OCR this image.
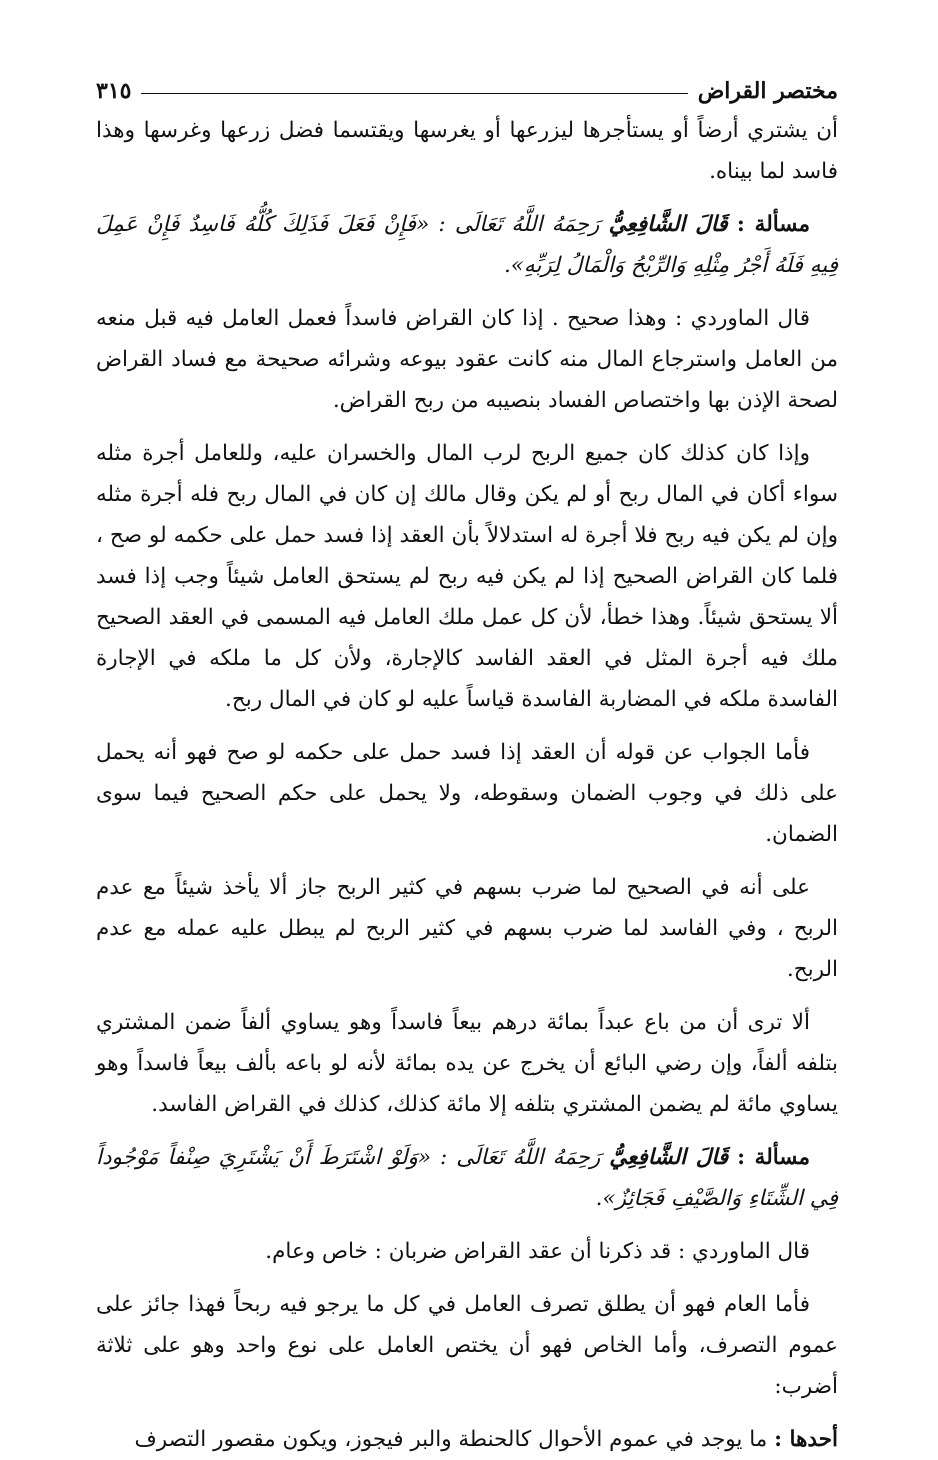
مختصر القراض
٣١٥

أن يشتري أرضاً أو يستأجرها ليزرعها أو يغرسها ويقتسما فضل زرعها وغرسها وهذا فاسد لما بيناه.

مسألة : قَالَ الشَّافِعِيُّ رَحِمَهُ اللَّهُ تَعَالَى : «فَإِنْ فَعَلَ فَذَلِكَ كُلُّهُ فَاسِدٌ فَإِنْ عَمِلَ فِيهِ فَلَهُ أَجْرُ مِثْلِهِ وَالرِّبْحُ وَالْمَالُ لِرَبِّهِ».

قال الماوردي : وهذا صحيح . إذا كان القراض فاسداً فعمل العامل فيه قبل منعه من العامل واسترجاع المال منه كانت عقود بيوعه وشرائه صحيحة مع فساد القراض لصحة الإذن بها واختصاص الفساد بنصيبه من ربح القراض.

وإذا كان كذلك كان جميع الربح لرب المال والخسران عليه، وللعامل أجرة مثله سواء أكان في المال ربح أو لم يكن وقال مالك إن كان في المال ربح فله أجرة مثله وإن لم يكن فيه ربح فلا أجرة له استدلالاً بأن العقد إذا فسد حمل على حكمه لو صح ، فلما كان القراض الصحيح إذا لم يكن فيه ربح لم يستحق العامل شيئاً وجب إذا فسد ألا يستحق شيئاً. وهذا خطأ، لأن كل عمل ملك العامل فيه المسمى في العقد الصحيح ملك فيه أجرة المثل في العقد الفاسد كالإجارة، ولأن كل ما ملكه في الإجارة الفاسدة ملكه في المضاربة الفاسدة قياساً عليه لو كان في المال ربح.

فأما الجواب عن قوله أن العقد إذا فسد حمل على حكمه لو صح فهو أنه يحمل على ذلك في وجوب الضمان وسقوطه، ولا يحمل على حكم الصحيح فيما سوى الضمان.

على أنه في الصحيح لما ضرب بسهم في كثير الربح جاز ألا يأخذ شيئاً مع عدم الربح ، وفي الفاسد لما ضرب بسهم في كثير الربح لم يبطل عليه عمله مع عدم الربح.

ألا ترى أن من باع عبداً بمائة درهم بيعاً فاسداً وهو يساوي ألفاً ضمن المشتري بتلفه ألفاً، وإن رضي البائع أن يخرج عن يده بمائة لأنه لو باعه بألف بيعاً فاسداً وهو يساوي مائة لم يضمن المشتري بتلفه إلا مائة كذلك، كذلك في القراض الفاسد.

مسألة : قَالَ الشَّافِعِيُّ رَحِمَهُ اللَّهُ تَعَالَى : «وَلَوْ اشْتَرَطَ أَنْ يَشْتَرِيَ صِنْفاً مَوْجُوداً فِي الشِّتَاءِ وَالصَّيْفِ فَجَائِزٌ».

قال الماوردي : قد ذكرنا أن عقد القراض ضربان : خاص وعام.

فأما العام فهو أن يطلق تصرف العامل في كل ما يرجو فيه ربحاً فهذا جائز على عموم التصرف، وأما الخاص فهو أن يختص العامل على نوع واحد وهو على ثلاثة أضرب:

أحدها : ما يوجد في عموم الأحوال كالحنطة والبر فيجوز، ويكون مقصور التصرف
